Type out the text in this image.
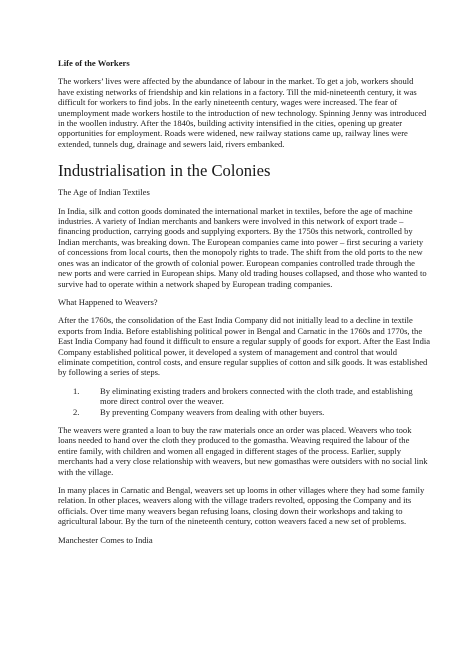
Life of the Workers

The workers’ lives were affected by the abundance of labour in the market. To get a job, workers should have existing networks of friendship and kin relations in a factory. Till the mid-nineteenth century, it was difficult for workers to find jobs. In the early nineteenth century, wages were increased. The fear of unemployment made workers hostile to the introduction of new technology. Spinning Jenny was introduced in the woollen industry. After the 1840s, building activity intensified in the cities, opening up greater opportunities for employment. Roads were widened, new railway stations came up, railway lines were extended, tunnels dug, drainage and sewers laid, rivers embanked.

Industrialisation in the Colonies

The Age of Indian Textiles

In India, silk and cotton goods dominated the international market in textiles, before the age of machine industries. A variety of Indian merchants and bankers were involved in this network of export trade – financing production, carrying goods and supplying exporters. By the 1750s this network, controlled by Indian merchants, was breaking down. The European companies came into power – first securing a variety of concessions from local courts, then the monopoly rights to trade. The shift from the old ports to the new ones was an indicator of the growth of colonial power. European companies controlled trade through the new ports and were carried in European ships. Many old trading houses collapsed, and those who wanted to survive had to operate within a network shaped by European trading companies.

What Happened to Weavers?

After the 1760s, the consolidation of the East India Company did not initially lead to a decline in textile exports from India. Before establishing political power in Bengal and Carnatic in the 1760s and 1770s, the East India Company had found it difficult to ensure a regular supply of goods for export. After the East India Company established political power, it developed a system of management and control that would eliminate competition, control costs, and ensure regular supplies of cotton and silk goods. It was established by following a series of steps.

1. By eliminating existing traders and brokers connected with the cloth trade, and establishing more direct control over the weaver.
2. By preventing Company weavers from dealing with other buyers.

The weavers were granted a loan to buy the raw materials once an order was placed. Weavers who took loans needed to hand over the cloth they produced to the gomastha. Weaving required the labour of the entire family, with children and women all engaged in different stages of the process. Earlier, supply merchants had a very close relationship with weavers, but new gomasthas were outsiders with no social link with the village.

In many places in Carnatic and Bengal, weavers set up looms in other villages where they had some family relation. In other places, weavers along with the village traders revolted, opposing the Company and its officials. Over time many weavers began refusing loans, closing down their workshops and taking to agricultural labour. By the turn of the nineteenth century, cotton weavers faced a new set of problems.

Manchester Comes to India
